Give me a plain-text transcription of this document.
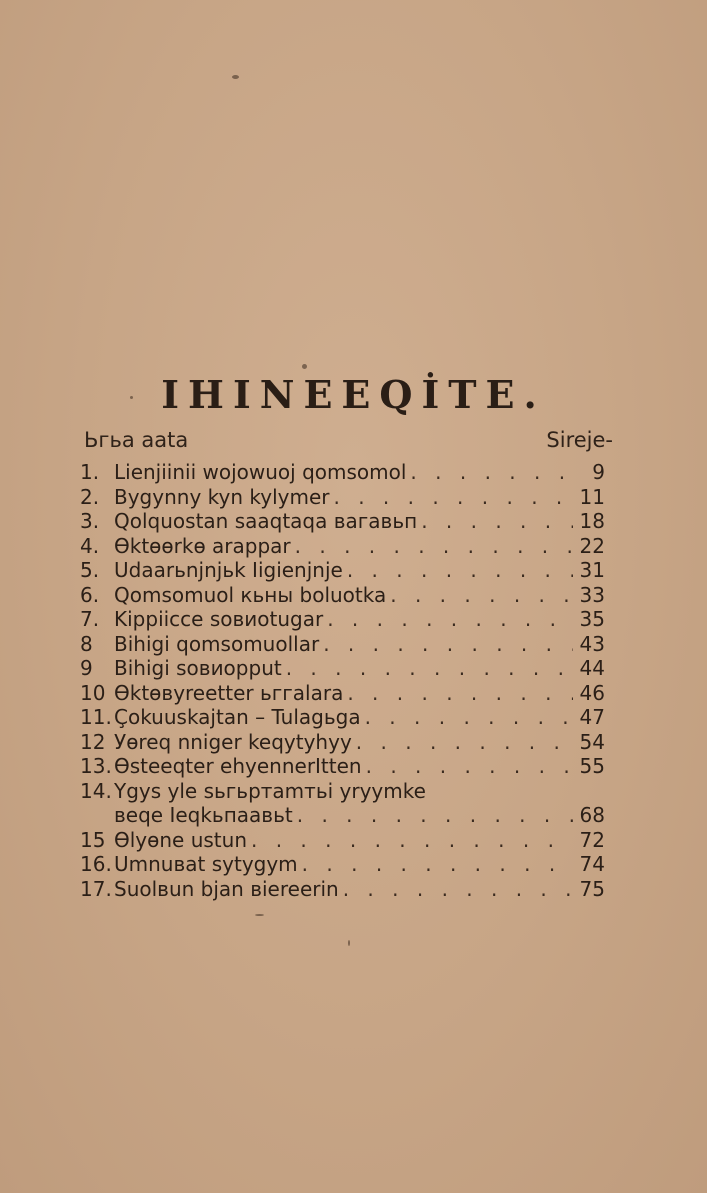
IHINEEQİTE.
Ьгьа aata	Sireje-
1. Lienjiinii wojowuoj qomsomol . . .	9
2. Вygynny kyn kylymer . . .	11
3. Qolquostan saaqtaqa вагавьп . . .	18
4. Өktөөrkө araрpar . . .	22
5. Udaarьnjnjьk Iigienjnje . . .	31
6. Qomsomuol кьны boluotka . . .	33
7. Kippiicce sовиotugar . . .	35
8	Bihigi qomsomuollar . . .	43
9	Bihigi sовиорput . . .	44
10 Өktөвyreetter ьггalara . . .	46
11. Çokuuskajtan – Tulagьga . . .	47
12 Уөreq nniger keqytyhyy . . .	54
13. Өsteeqter ehyennerItten . . .	55
14. Ygys yle sьгьpтamтьi yryymke
веqе Ieqkьпaавьt . . .	68
15 Өlyөne ustun . . .	72
16. Umnuвat sytygym . . .	74
17. Suolвun bjan вiereerin . . .	75
